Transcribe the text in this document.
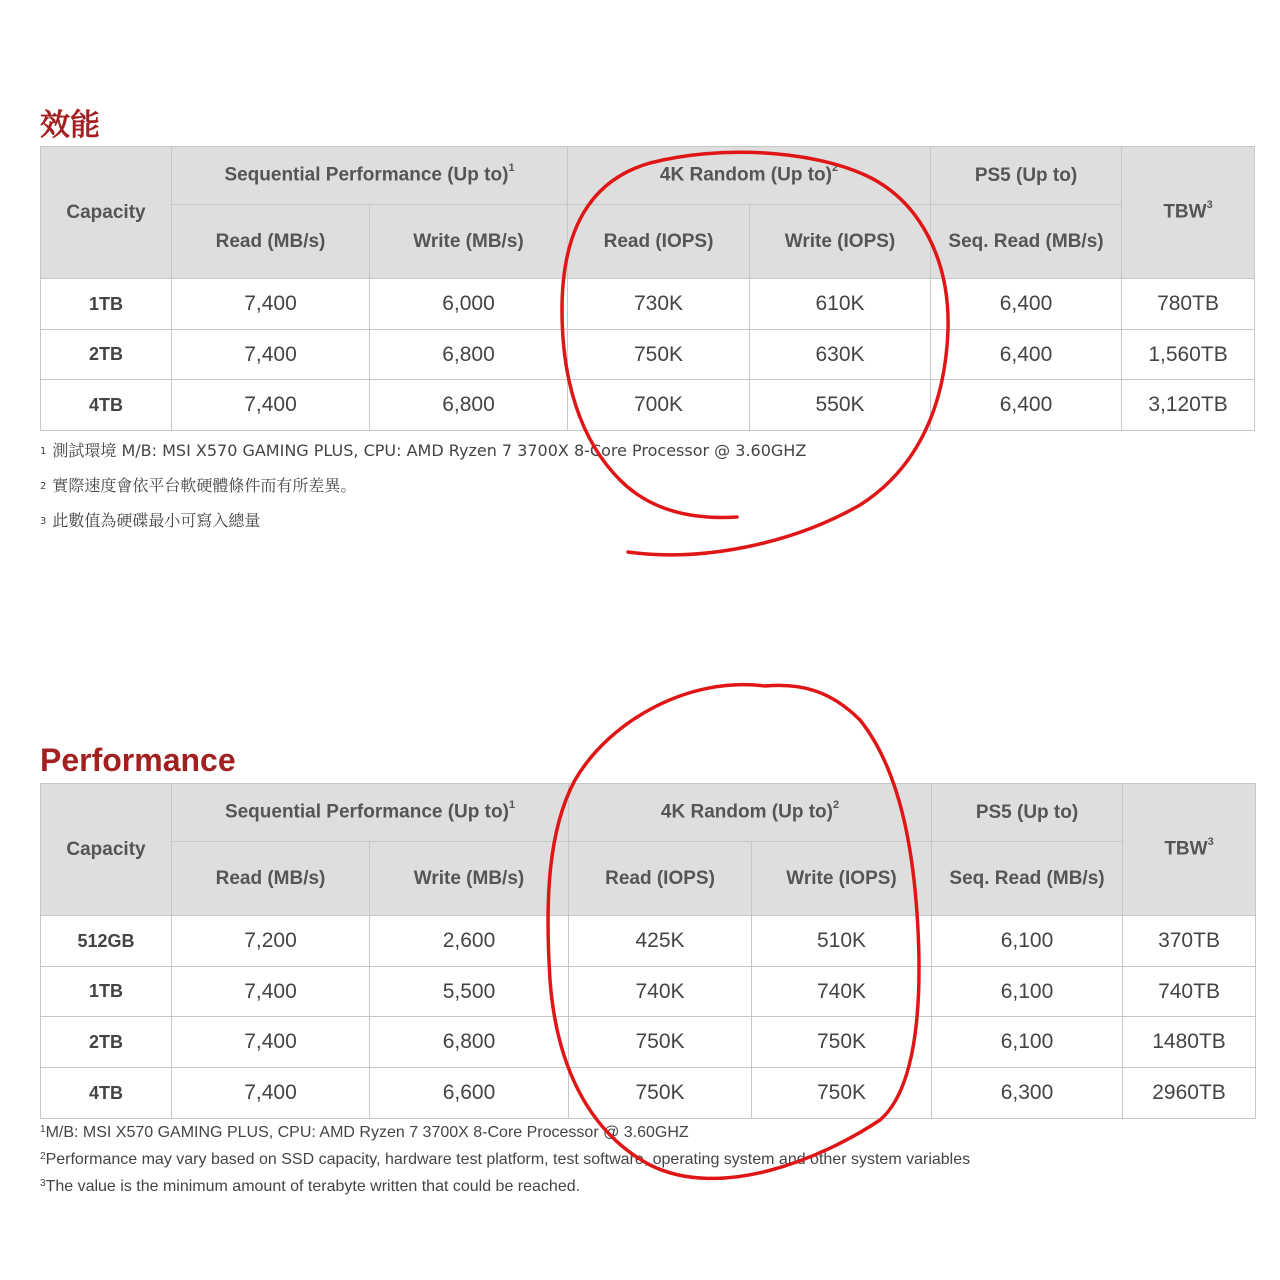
效能
Capacity	Sequential Performance (Up to)$^1$		4K Random (Up to)$^2$		PS5 (Up to)	TBW$^3$
	Read (MB/s)	Write (MB/s)	Read (IOPS)	Write (IOPS)	Seq. Read (MB/s)	
1TB	7,400	6,000	730K	610K	6,400	780TB
2TB	7,400	6,800	750K	630K	6,400	1,560TB
4TB	7,400	6,800	700K	550K	6,400	3,120TB
1 測試環境 M/B: MSI X570 GAMING PLUS, CPU: AMD Ryzen 7 3700X 8-Core Processor @ 3.60GHZ
2 實際速度會依平台軟硬體條件而有所差異。
3 此數值為硬碟最小可寫入總量
Performance
Capacity	Sequential Performance (Up to)$^1$		4K Random (Up to)$^2$		PS5 (Up to)	TBW$^3$
	Read (MB/s)	Write (MB/s)	Read (IOPS)	Write (IOPS)	Seq. Read (MB/s)	
512GB	7,200	2,600	425K	510K	6,100	370TB
1TB	7,400	5,500	740K	740K	6,100	740TB
2TB	7,400	6,800	750K	750K	6,100	1480TB
4TB	7,400	6,600	750K	750K	6,300	2960TB
$^1$M/B: MSI X570 GAMING PLUS, CPU: AMD Ryzen 7 3700X 8-Core Processor @ 3.60GHZ
$^2$Performance may vary based on SSD capacity, hardware test platform, test software, operating system and other system variables
$^3$The value is the minimum amount of terabyte written that could be reached.
